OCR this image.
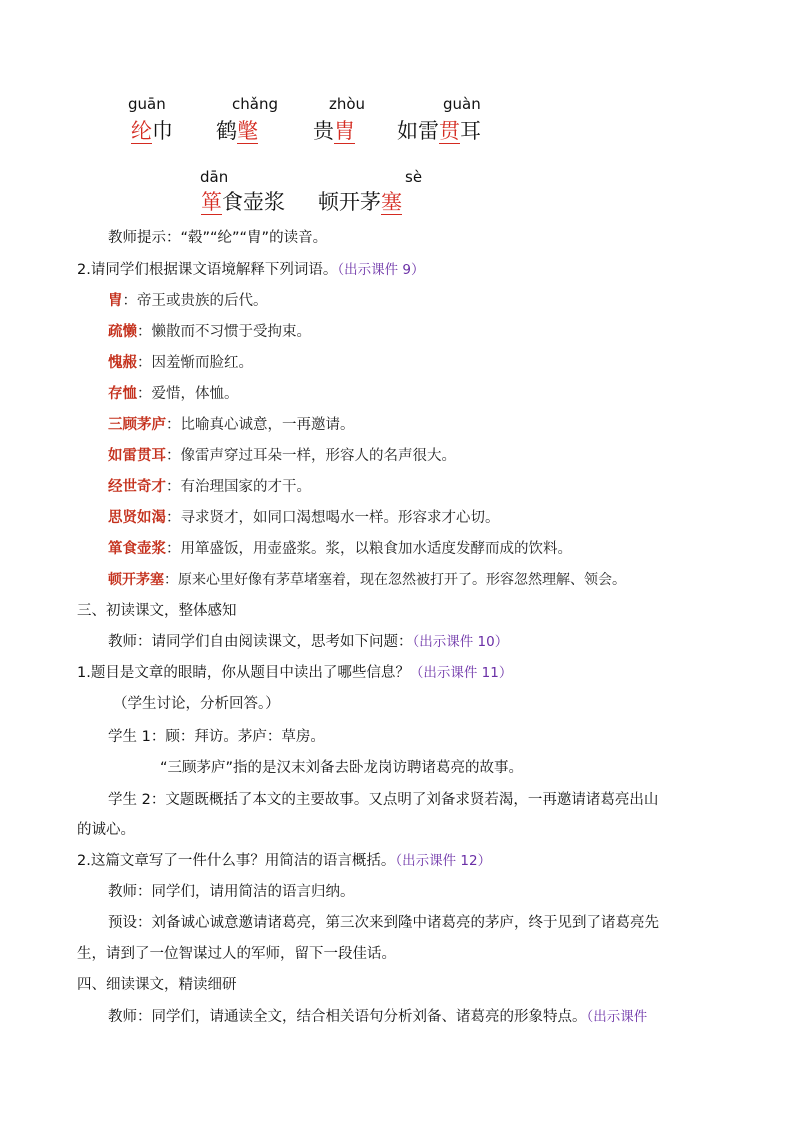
guān
纶巾
chǎng
鹤氅
zhòu
贵胄
guàn
如雷贯耳
dān
箪食壶浆
sè
顿开茅塞
教师提示：“毂”“纶”“胄”的读音。
2.请同学们根据课文语境解释下列词语。（出示课件 9）
胄：帝王或贵族的后代。
疏懒：懒散而不习惯于受拘束。
愧赧：因羞惭而脸红。
存恤：爱惜，体恤。
三顾茅庐：比喻真心诚意，一再邀请。
如雷贯耳：像雷声穿过耳朵一样，形容人的名声很大。
经世奇才：有治理国家的才干。
思贤如渴：寻求贤才，如同口渴想喝水一样。形容求才心切。
箪食壶浆：用箪盛饭，用壶盛浆。浆，以粮食加水适度发酵而成的饮料。
顿开茅塞：原来心里好像有茅草堵塞着，现在忽然被打开了。形容忽然理解、领会。
三、初读课文，整体感知
教师：请同学们自由阅读课文，思考如下问题：（出示课件 10）
1.题目是文章的眼睛，你从题目中读出了哪些信息？（出示课件 11）
（学生讨论，分析回答。）
学生 1：顾：拜访。茅庐：草房。
“三顾茅庐”指的是汉末刘备去卧龙岗访聘诸葛亮的故事。
学生 2：文题既概括了本文的主要故事。又点明了刘备求贤若渴，一再邀请诸葛亮出山
的诚心。
2.这篇文章写了一件什么事？用简洁的语言概括。（出示课件 12）
教师：同学们，请用简洁的语言归纳。
预设：刘备诚心诚意邀请诸葛亮，第三次来到隆中诸葛亮的茅庐，终于见到了诸葛亮先
生，请到了一位智谋过人的军师，留下一段佳话。
四、细读课文，精读细研
教师：同学们，请通读全文，结合相关语句分析刘备、诸葛亮的形象特点。（出示课件
